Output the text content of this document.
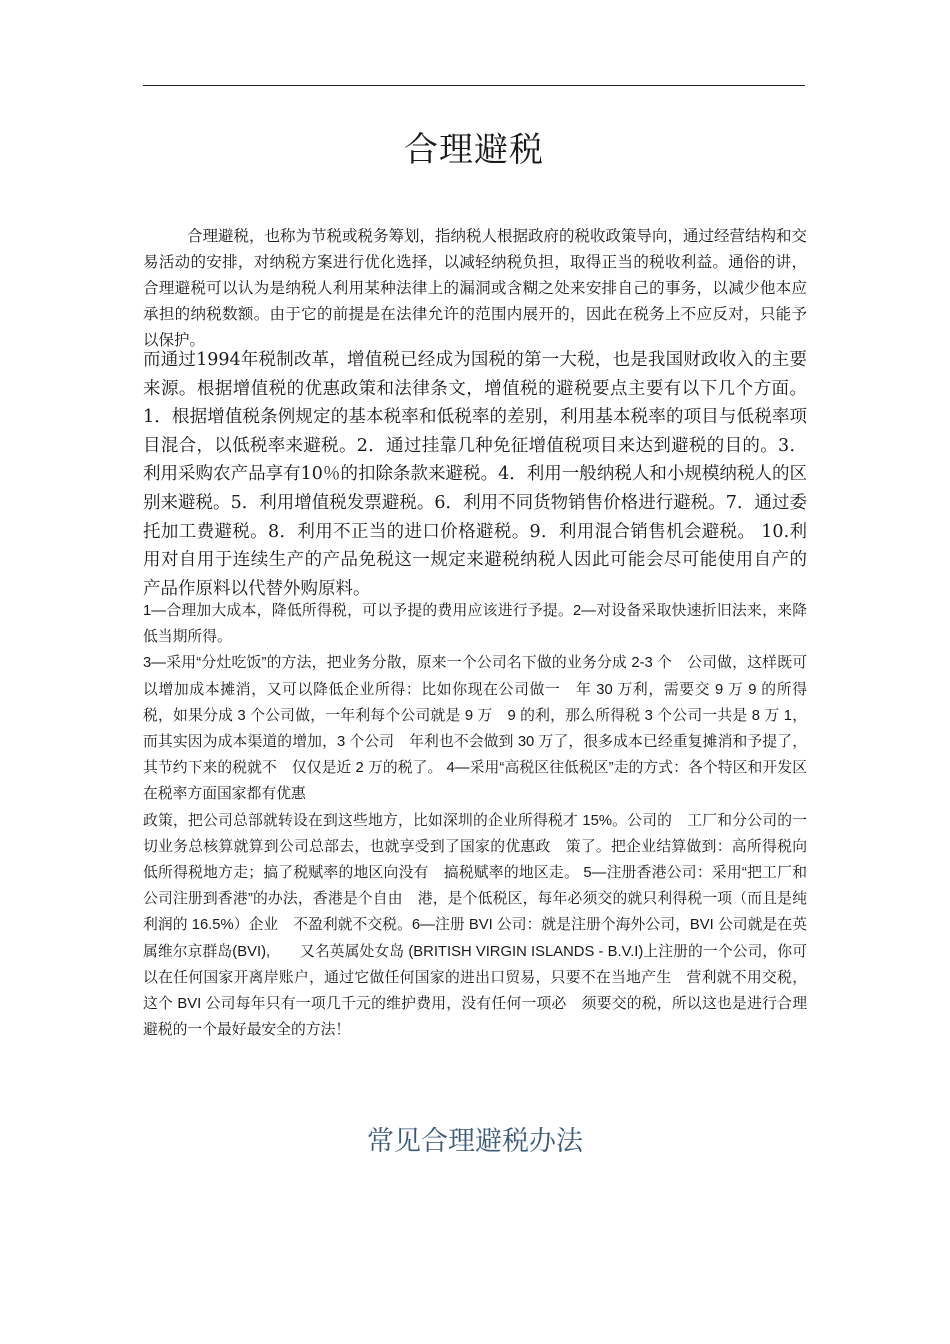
合理避税

合理避税，也称为节税或税务筹划，指纳税人根据政府的税收政策导向，通过经营结构和交易活动的安排，对纳税方案进行优化选择，以减轻纳税负担，取得正当的税收利益。通俗的讲，合理避税可以认为是纳税人利用某种法律上的漏洞或含糊之处来安排自己的事务，以减少他本应承担的纳税数额。由于它的前提是在法律允许的范围内展开的，因此在税务上不应反对，只能予以保护。

而通过1994年税制改革，增值税已经成为国税的第一大税，也是我国财政收入的主要来源。根据增值税的优惠政策和法律条文，增值税的避税要点主要有以下几个方面。1．根据增值税条例规定的基本税率和低税率的差别，利用基本税率的项目与低税率项目混合，以低税率来避税。2．通过挂靠几种免征增值税项目来达到避税的目的。3．利用采购农产品享有10％的扣除条款来避税。4．利用一般纳税人和小规模纳税人的区别来避税。5．利用增值税发票避税。6．利用不同货物销售价格进行避税。7．通过委托加工费避税。8．利用不正当的进口价格避税。9．利用混合销售机会避税。 10.利用对自用于连续生产的产品免税这一规定来避税纳税人因此可能会尽可能使用自产的产品作原料以代替外购原料。

1—合理加大成本，降低所得税，可以予提的费用应该进行予提。2—对设备采取快速折旧法来，来降低当期所得。

3—采用“分灶吃饭”的方法，把业务分散，原来一个公司名下做的业务分成 2-3 个　公司做，这样既可以增加成本摊消，又可以降低企业所得：比如你现在公司做一　年 30 万利，需要交 9 万 9 的所得税，如果分成 3 个公司做，一年利每个公司就是 9 万　9 的利，那么所得税 3 个公司一共是 8 万 1，而其实因为成本渠道的增加，3 个公司　年利也不会做到 30 万了，很多成本已经重复摊消和予提了，其节约下来的税就不　仅仅是近 2 万的税了。 4—采用“高税区往低税区”走的方式：各个特区和开发区在税率方面国家都有优惠

政策，把公司总部就转设在到这些地方，比如深圳的企业所得税才 15%。公司的　工厂和分公司的一切业务总核算就算到公司总部去，也就享受到了国家的优惠政　策了。把企业结算做到：高所得税向低所得税地方走；搞了税赋率的地区向没有　搞税赋率的地区走。 5—注册香港公司：采用“把工厂和公司注册到香港”的办法，香港是个自由　港，是个低税区，每年必须交的就只利得税一项（而且是纯利润的 16.5%）企业　不盈利就不交税。6—注册 BVI 公司：就是注册个海外公司，BVI 公司就是在英属维尔京群岛(BVI),　　又名英属处女岛 (BRITISH VIRGIN ISLANDS - B.V.I)上注册的一个公司，你可　以在任何国家开离岸账户，通过它做任何国家的进出口贸易，只要不在当地产生　营利就不用交税，这个 BVI 公司每年只有一项几千元的维护费用，没有任何一项必　须要交的税，所以这也是进行合理避税的一个最好最安全的方法！

常见合理避税办法
